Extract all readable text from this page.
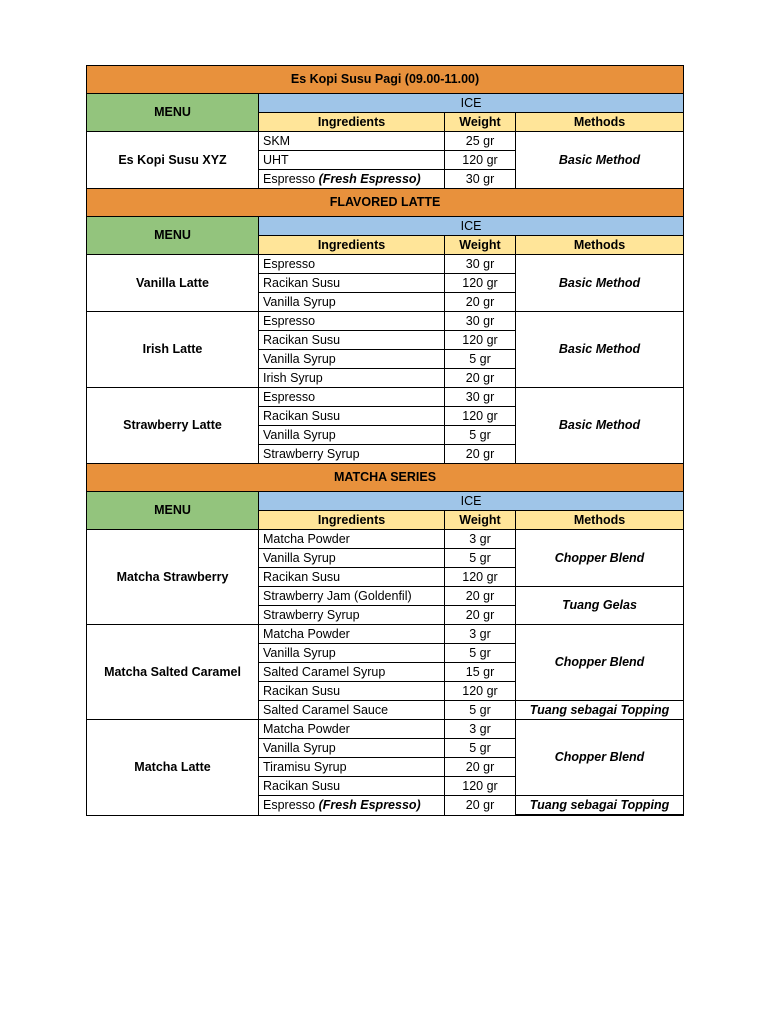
Es Kopi Susu Pagi (09.00-11.00)			
MENU	ICE		
	Ingredients	Weight	Methods
Es Kopi Susu XYZ	SKM	25 gr	Basic Method
	UHT	120 gr	
	Espresso (Fresh Espresso)	30 gr	
FLAVORED LATTE			
MENU	ICE		
	Ingredients	Weight	Methods
Vanilla Latte	Espresso	30 gr	Basic Method
	Racikan Susu	120 gr	
	Vanilla Syrup	20 gr	
Irish Latte	Espresso	30 gr	Basic Method
	Racikan Susu	120 gr	
	Vanilla Syrup	5 gr	
	Irish Syrup	20 gr	
Strawberry Latte	Espresso	30 gr	Basic Method
	Racikan Susu	120 gr	
	Vanilla Syrup	5 gr	
	Strawberry Syrup	20 gr	
MATCHA SERIES			
MENU	ICE		
	Ingredients	Weight	Methods
Matcha Strawberry	Matcha Powder	3 gr	Chopper Blend
	Vanilla Syrup	5 gr	
	Racikan Susu	120 gr	
	Strawberry Jam (Goldenfil)	20 gr	Tuang Gelas
	Strawberry Syrup	20 gr	
Matcha Salted Caramel	Matcha Powder	3 gr	Chopper Blend
	Vanilla Syrup	5 gr	
	Salted Caramel Syrup	15 gr	
	Racikan Susu	120 gr	
	Salted Caramel Sauce	5 gr	Tuang sebagai Topping
Matcha Latte	Matcha Powder	3 gr	Chopper Blend
	Vanilla Syrup	5 gr	
	Tiramisu Syrup	20 gr	
	Racikan Susu	120 gr	
	Espresso (Fresh Espresso)	20 gr	Tuang sebagai Topping
